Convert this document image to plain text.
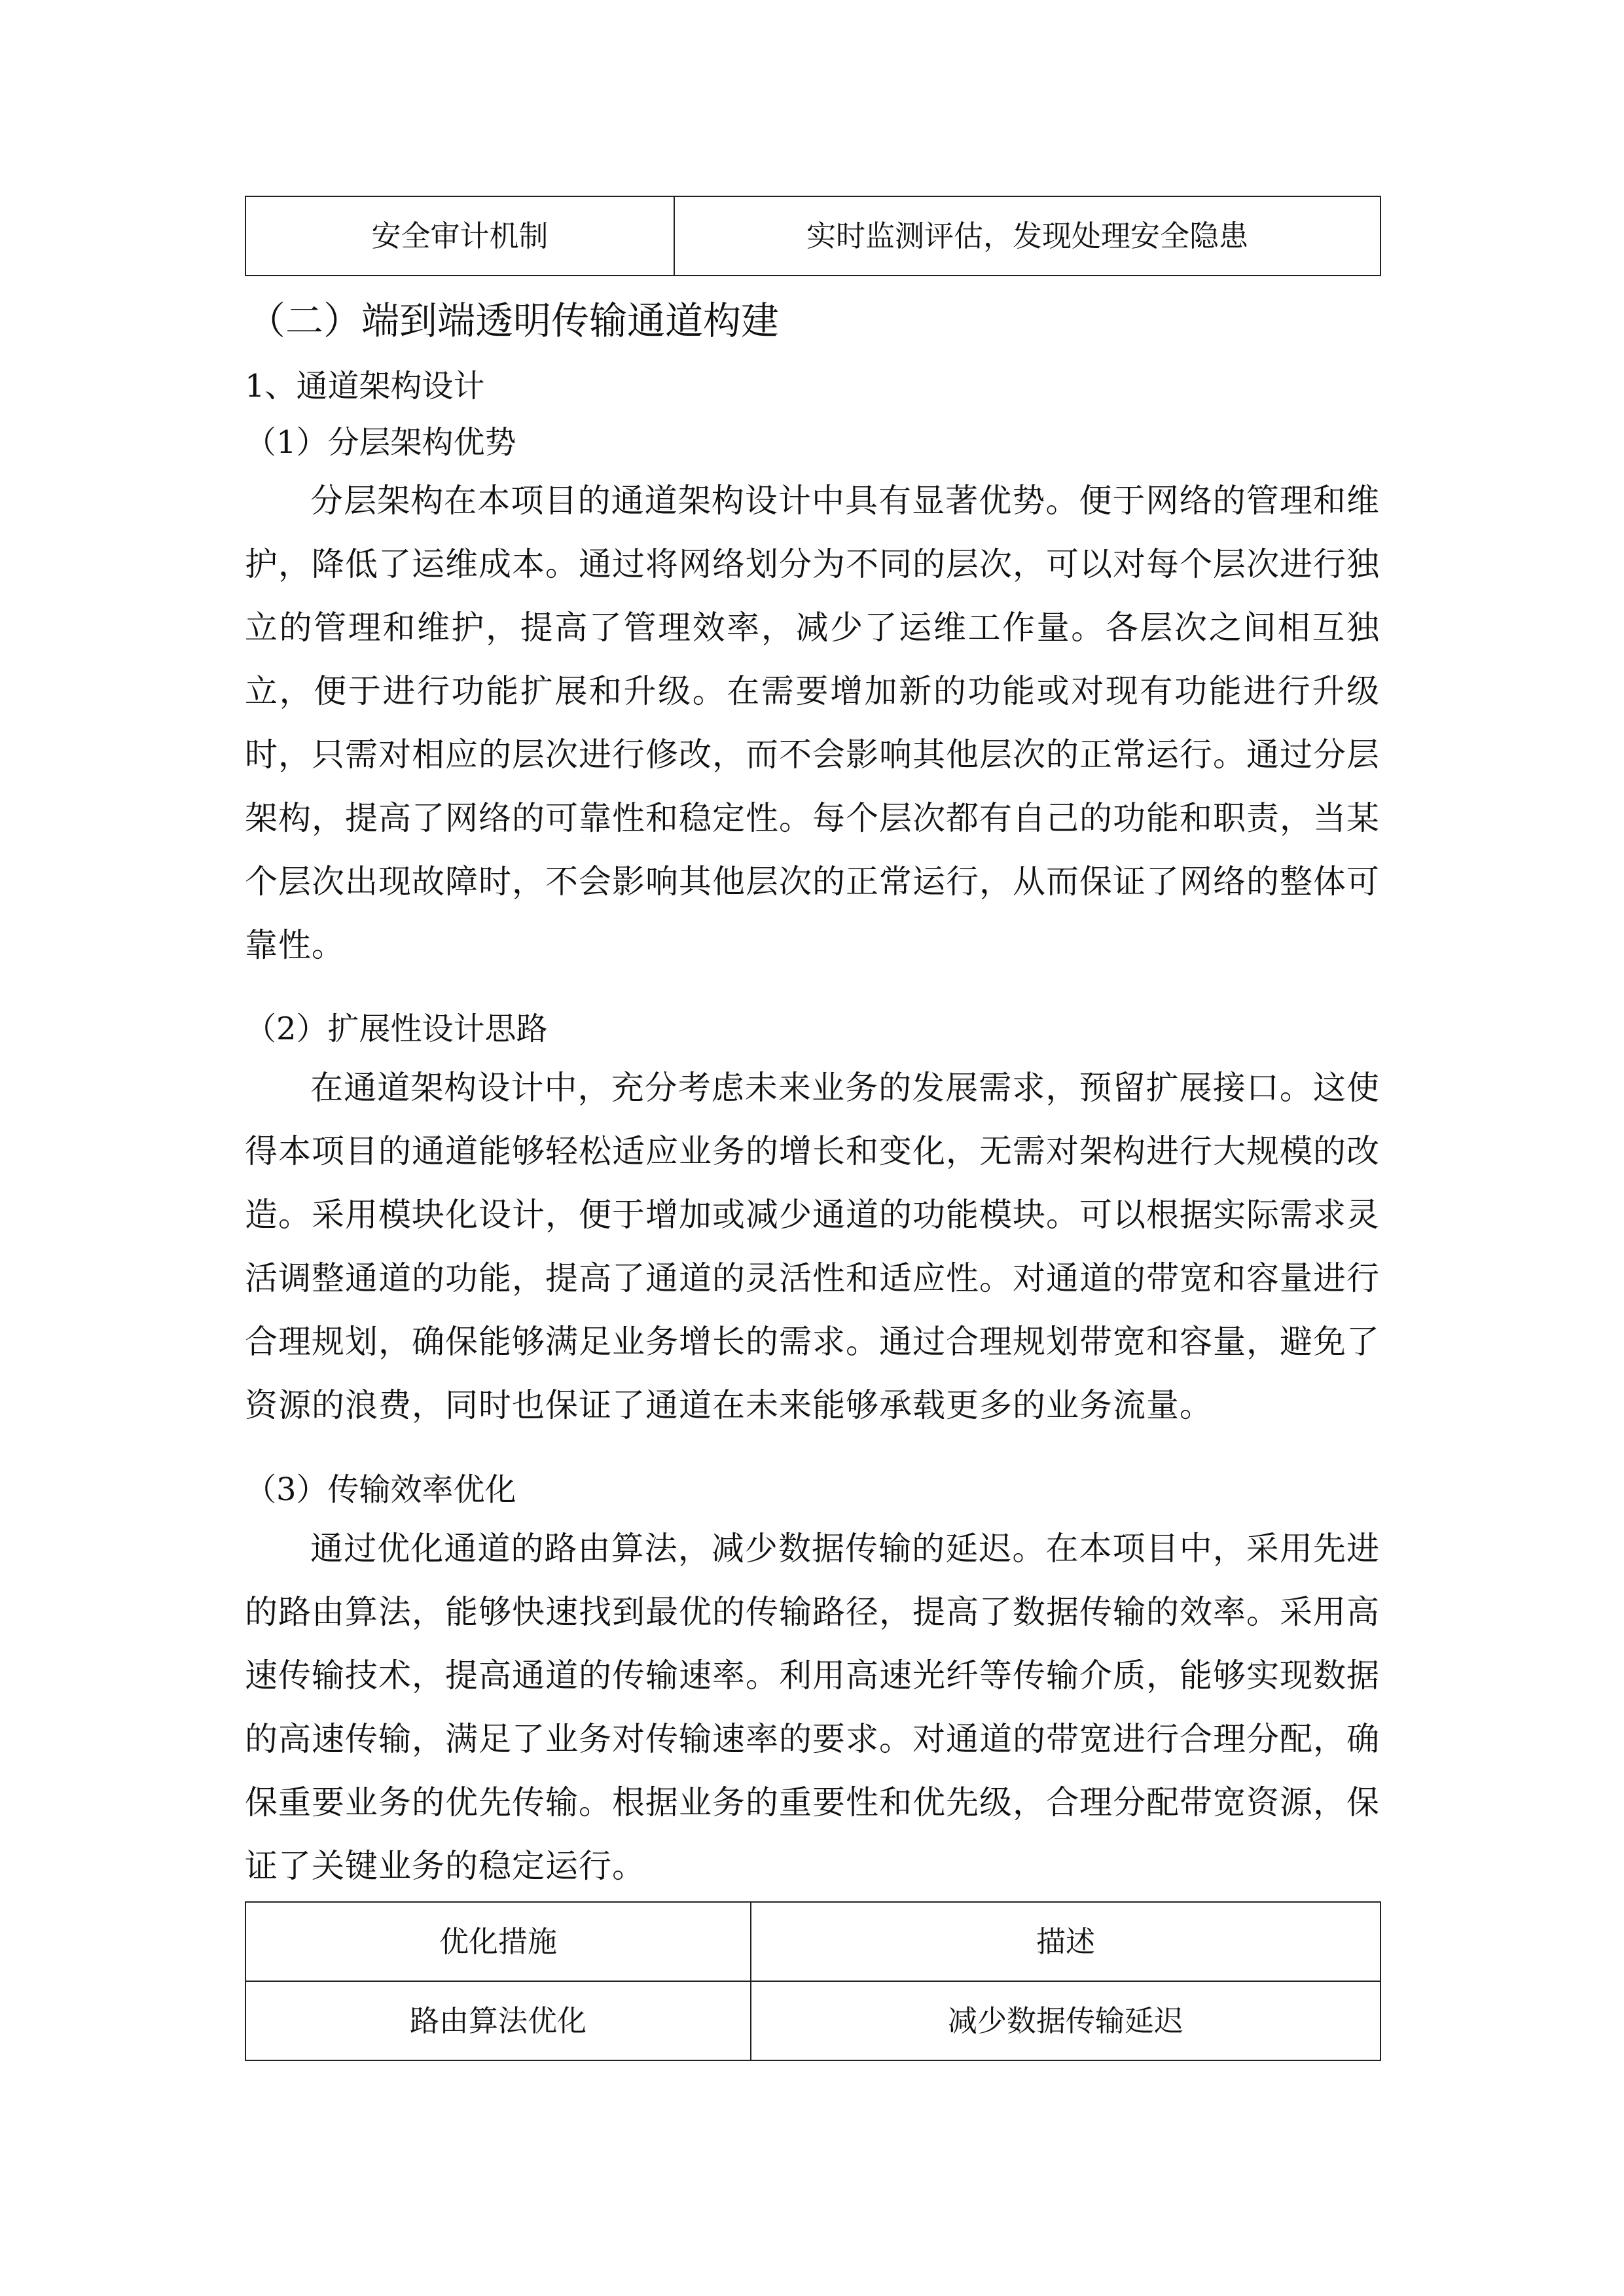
安全审计机制	实时监测评估，发现处理安全隐患
（二）端到端透明传输通道构建
1、通道架构设计
（1）分层架构优势
分层架构在本项目的通道架构设计中具有显著优势。便于网络的管理和维
护，降低了运维成本。通过将网络划分为不同的层次，可以对每个层次进行独
立的管理和维护，提高了管理效率，减少了运维工作量。各层次之间相互独
立，便于进行功能扩展和升级。在需要增加新的功能或对现有功能进行升级
时，只需对相应的层次进行修改，而不会影响其他层次的正常运行。通过分层
架构，提高了网络的可靠性和稳定性。每个层次都有自己的功能和职责，当某
个层次出现故障时，不会影响其他层次的正常运行，从而保证了网络的整体可
靠性。
（2）扩展性设计思路
在通道架构设计中，充分考虑未来业务的发展需求，预留扩展接口。这使
得本项目的通道能够轻松适应业务的增长和变化，无需对架构进行大规模的改
造。采用模块化设计，便于增加或减少通道的功能模块。可以根据实际需求灵
活调整通道的功能，提高了通道的灵活性和适应性。对通道的带宽和容量进行
合理规划，确保能够满足业务增长的需求。通过合理规划带宽和容量，避免了
资源的浪费，同时也保证了通道在未来能够承载更多的业务流量。
（3）传输效率优化
通过优化通道的路由算法，减少数据传输的延迟。在本项目中，采用先进
的路由算法，能够快速找到最优的传输路径，提高了数据传输的效率。采用高
速传输技术，提高通道的传输速率。利用高速光纤等传输介质，能够实现数据
的高速传输，满足了业务对传输速率的要求。对通道的带宽进行合理分配，确
保重要业务的优先传输。根据业务的重要性和优先级，合理分配带宽资源，保
证了关键业务的稳定运行。
优化措施	描述
路由算法优化	减少数据传输延迟
